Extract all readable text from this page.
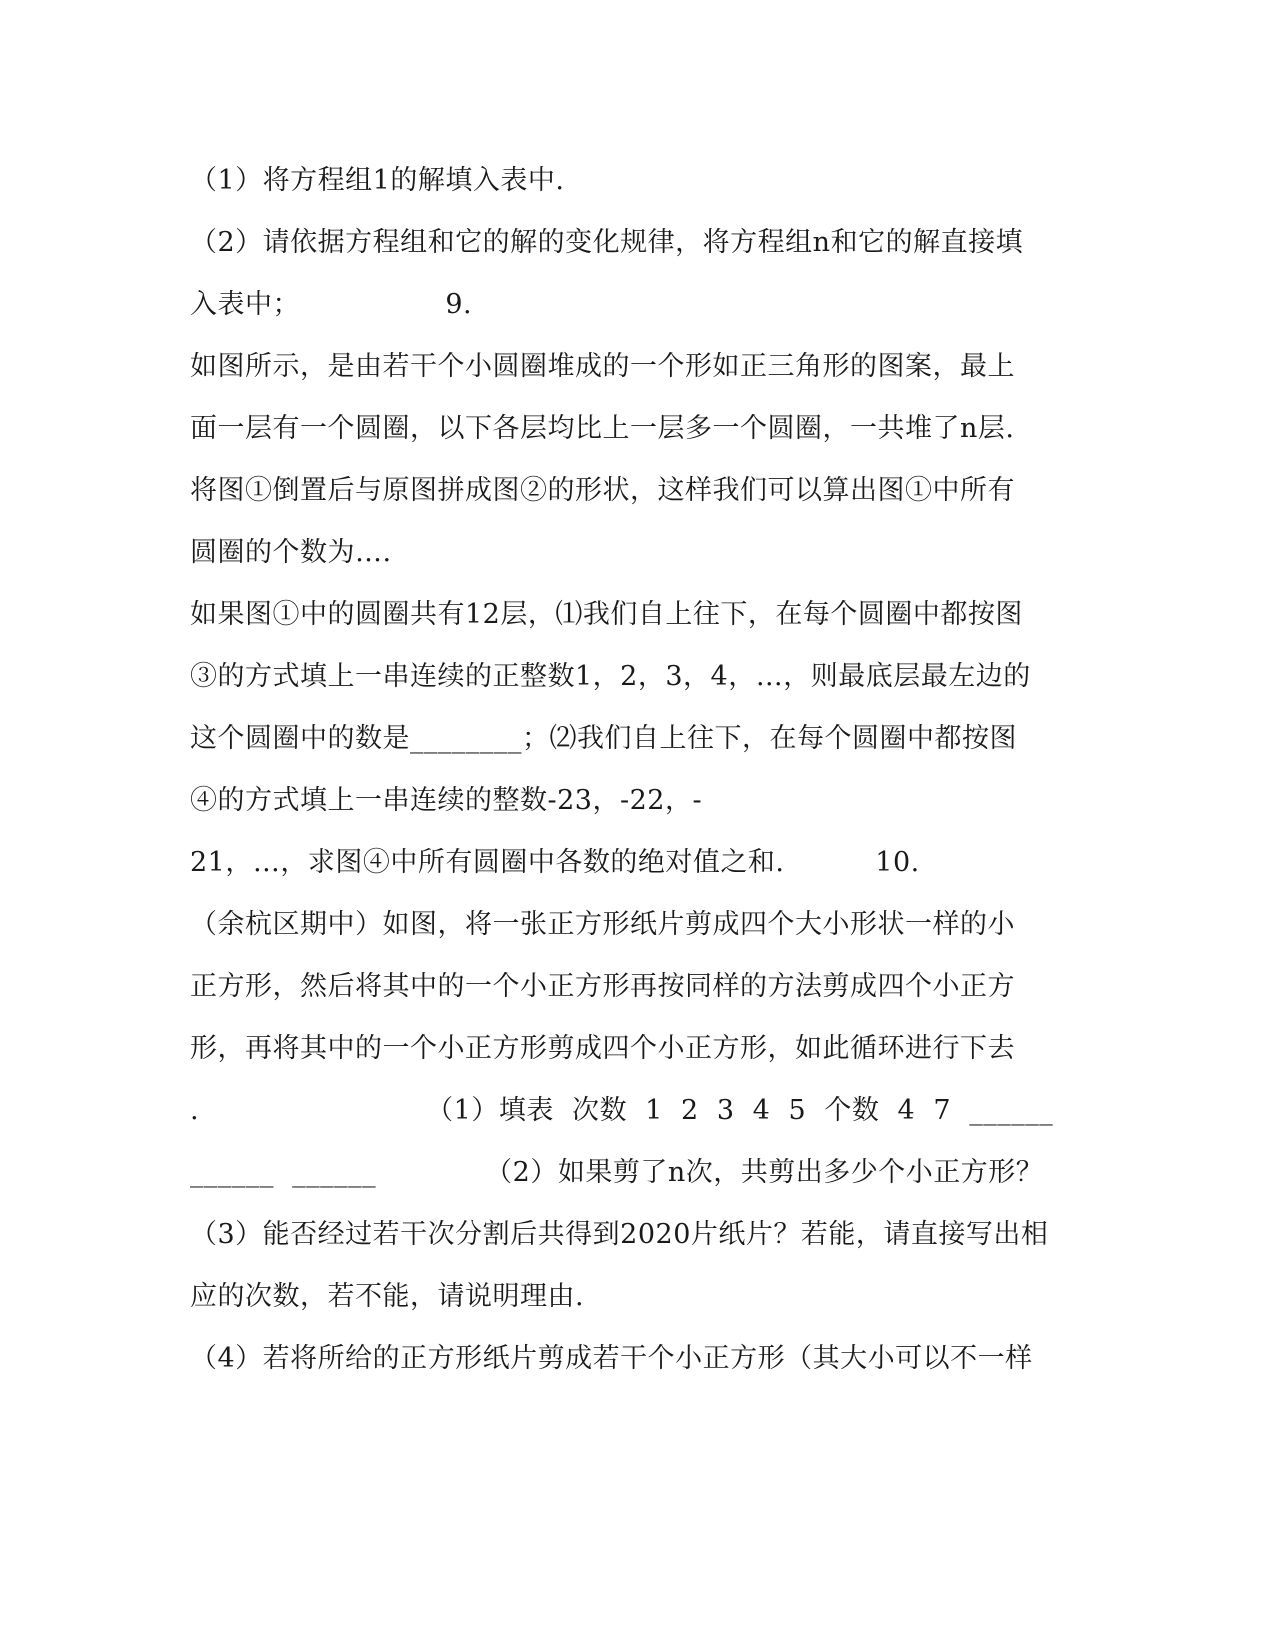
（1）将方程组1的解填入表中.
（2）请依据方程组和它的解的变化规律，将方程组n和它的解直接填
入表中；                9.
如图所示，是由若干个小圆圈堆成的一个形如正三角形的图案，最上
面一层有一个圆圈，以下各层均比上一层多一个圆圈，一共堆了n层.
将图①倒置后与原图拼成图②的形状，这样我们可以算出图①中所有
圆圈的个数为….
如果图①中的圆圈共有12层，⑴我们自上往下，在每个圆圈中都按图
③的方式填上一串连续的正整数1，2，3，4，…，则最底层最左边的
这个圆圈中的数是________；⑵我们自上往下，在每个圆圈中都按图
④的方式填上一串连续的整数-23，-22，-
21，…，求图④中所有圆圈中各数的绝对值之和.          10.
（余杭区期中）如图，将一张正方形纸片剪成四个大小形状一样的小
正方形，然后将其中的一个小正方形再按同样的方法剪成四个小正方
形，再将其中的一个小正方形剪成四个小正方形，如此循环进行下去
.                         （1）填表  次数  1  2  3  4  5  个数  4  7  ______
______  ______            （2）如果剪了n次，共剪出多少个小正方形？
（3）能否经过若干次分割后共得到2020片纸片？若能，请直接写出相
应的次数，若不能，请说明理由.
（4）若将所给的正方形纸片剪成若干个小正方形（其大小可以不一样
